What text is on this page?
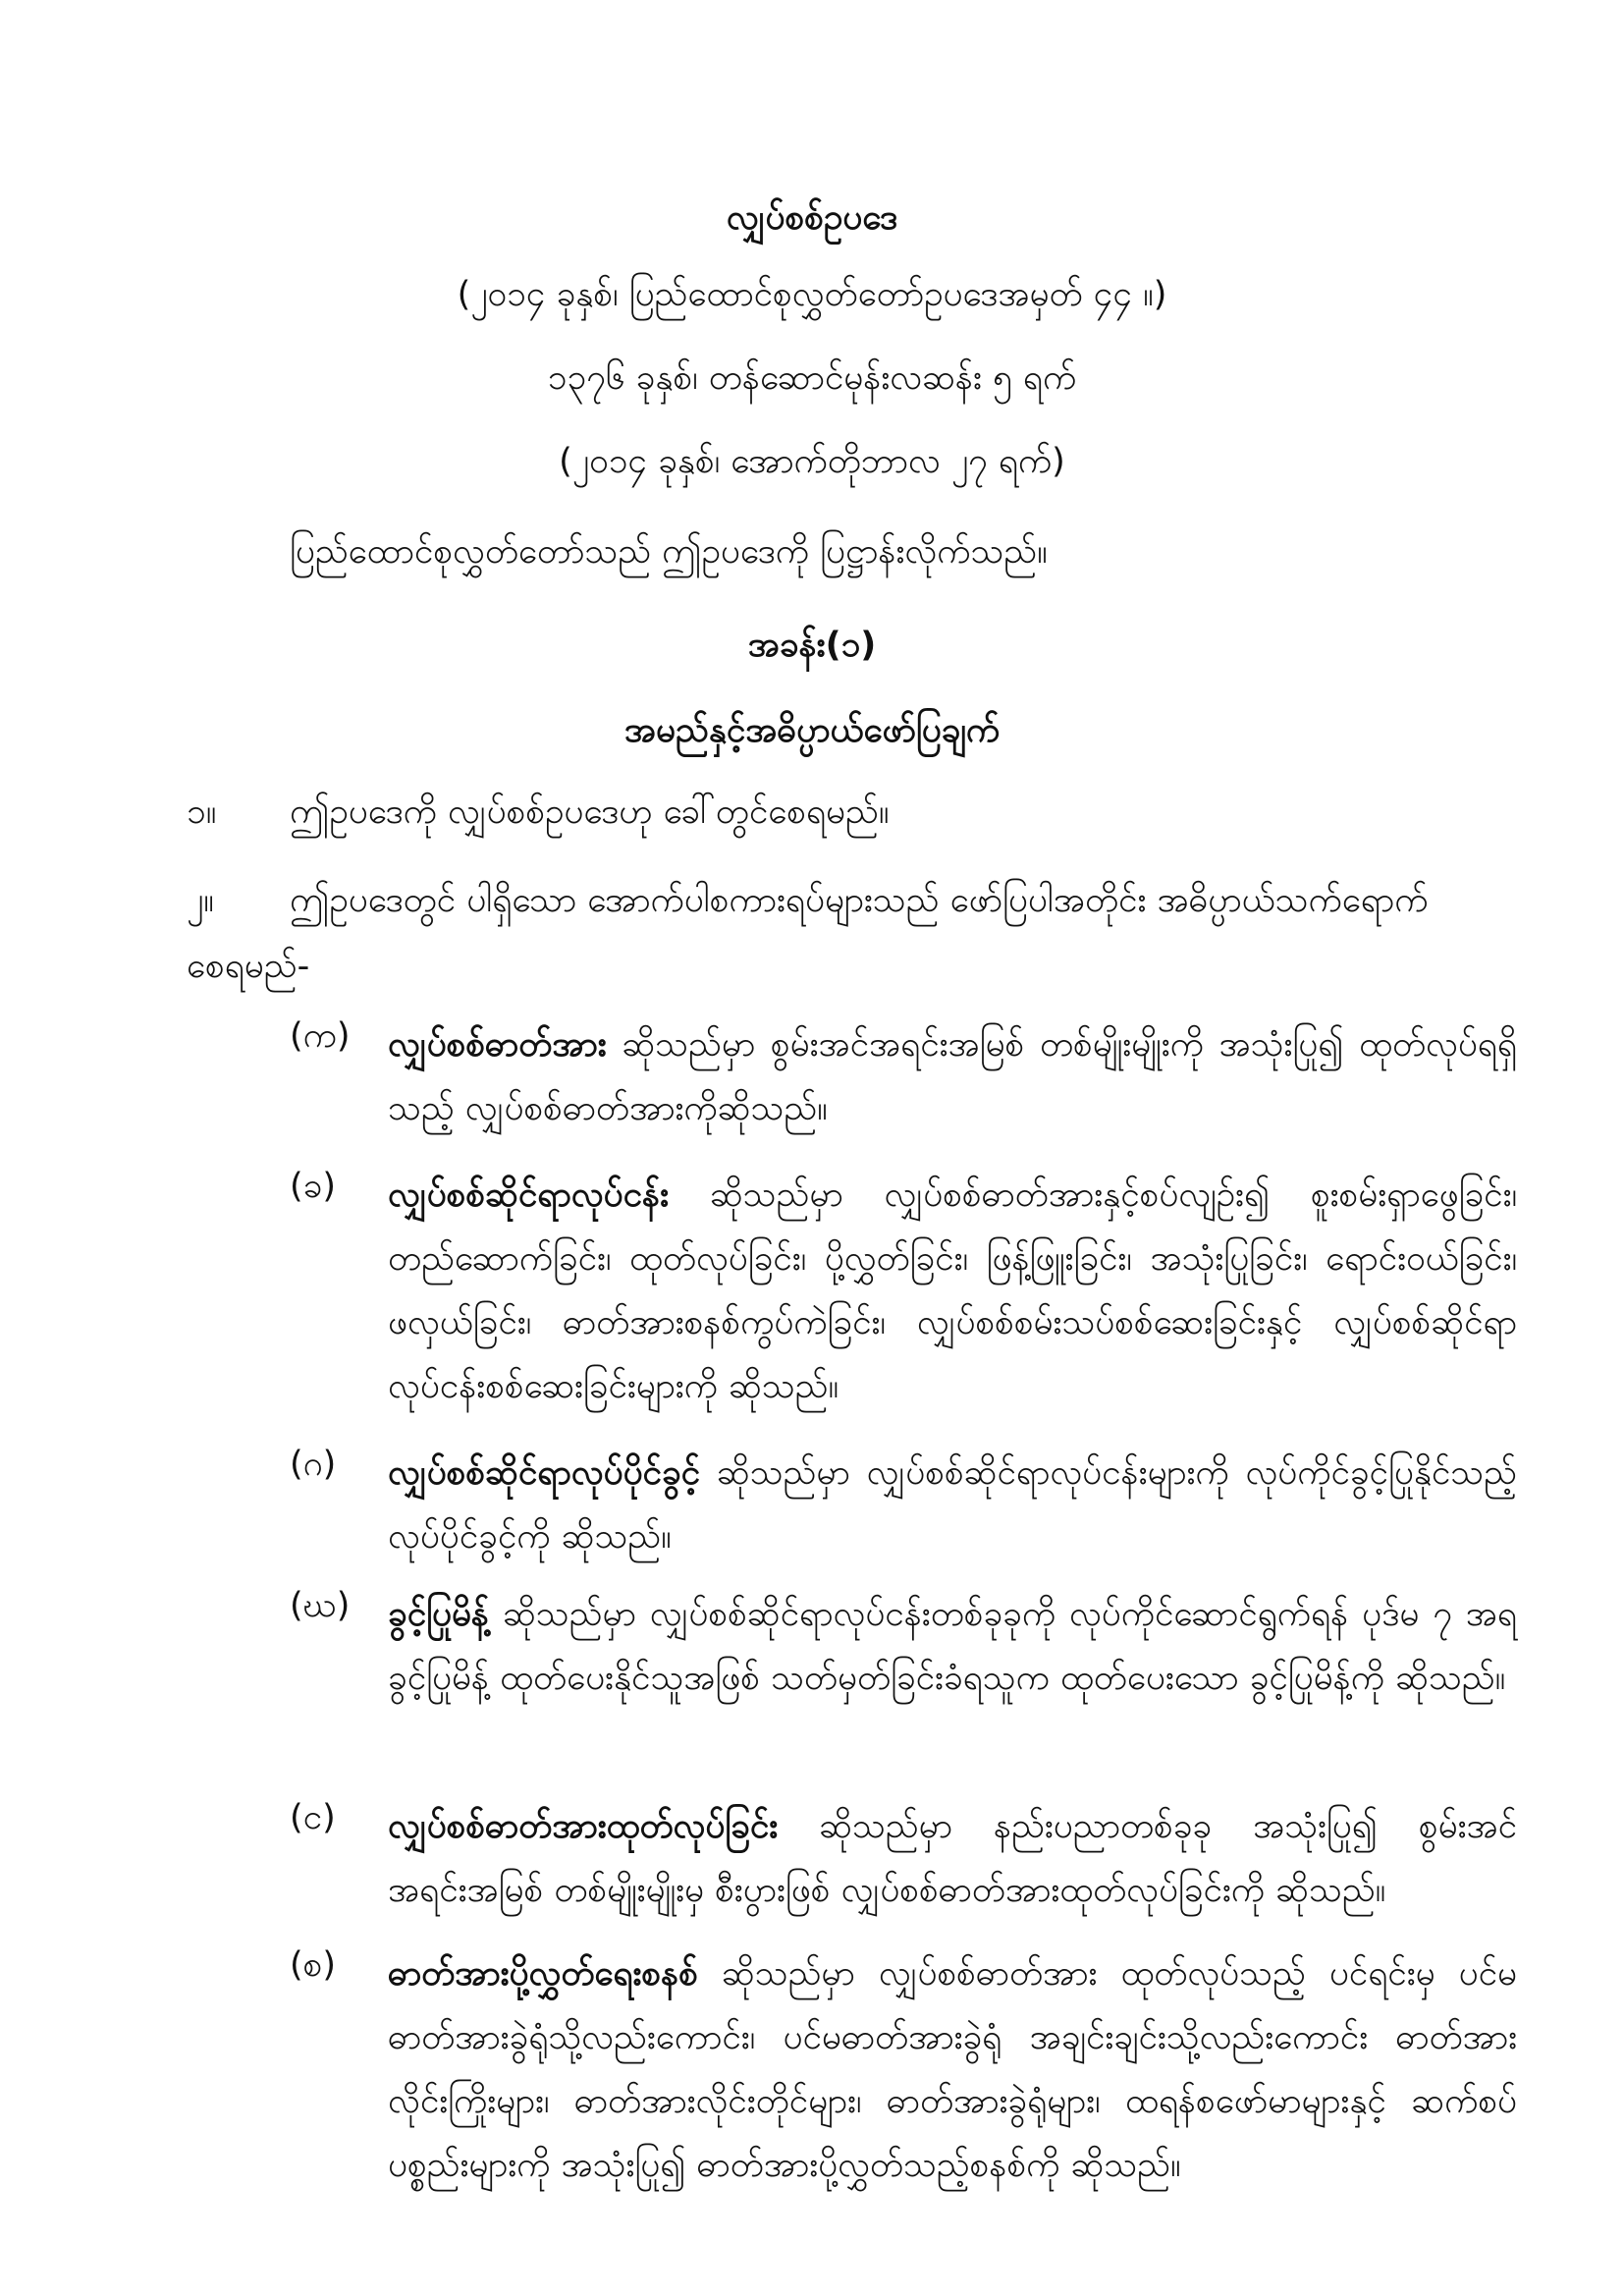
လျှပ်စစ်ဥပဒေ
(၂၀၁၄ ခုနှစ်၊ ပြည်ထောင်စုလွှတ်တော်ဥပဒေအမှတ် ၄၄ ။)
၁၃၇၆ ခုနှစ်၊ တန်ဆောင်မုန်းလဆန်း ၅ ရက်
(၂၀၁၄ ခုနှစ်၊ အောက်တိုဘာလ ၂၇ ရက်)
ပြည်ထောင်စုလွှတ်တော်သည် ဤဥပဒေကို ပြဋ္ဌာန်းလိုက်သည်။
အခန်း(၁)
အမည်နှင့်အဓိပ္ပာယ်ဖော်ပြချက်
၁။ ဤဥပဒေကို လျှပ်စစ်ဥပဒေဟု ခေါ်တွင်စေရမည်။
၂။ ဤဥပဒေတွင် ပါရှိသော အောက်ပါစကားရပ်များသည် ဖော်ပြပါအတိုင်း အဓိပ္ပာယ်သက်ရောက်
စေရမည်-
(က) လျှပ်စစ်ဓာတ်အား ဆိုသည်မှာ စွမ်းအင်အရင်းအမြစ် တစ်မျိုးမျိုးကို အသုံးပြု၍ ထုတ်လုပ်ရရှိသည့် လျှပ်စစ်ဓာတ်အားကိုဆိုသည်။
(ခ) လျှပ်စစ်ဆိုင်ရာလုပ်ငန်း ဆိုသည်မှာ လျှပ်စစ်ဓာတ်အားနှင့်စပ်လျဉ်း၍ စူးစမ်းရှာဖွေခြင်း၊ တည်ဆောက်ခြင်း၊ ထုတ်လုပ်ခြင်း၊ ပို့လွှတ်ခြင်း၊ ဖြန့်ဖြူးခြင်း၊ အသုံးပြုခြင်း၊ ရောင်းဝယ်ခြင်း၊ ဖလှယ်ခြင်း၊ ဓာတ်အားစနစ်ကွပ်ကဲခြင်း၊ လျှပ်စစ်စမ်းသပ်စစ်ဆေးခြင်းနှင့် လျှပ်စစ်ဆိုင်ရာလုပ်ငန်းစစ်ဆေးခြင်းများကို ဆိုသည်။
(ဂ) လျှပ်စစ်ဆိုင်ရာလုပ်ပိုင်ခွင့် ဆိုသည်မှာ လျှပ်စစ်ဆိုင်ရာလုပ်ငန်းများကို လုပ်ကိုင်ခွင့်ပြုနိုင်သည့် လုပ်ပိုင်ခွင့်ကို ဆိုသည်။
(ဃ) ခွင့်ပြုမိန့် ဆိုသည်မှာ လျှပ်စစ်ဆိုင်ရာလုပ်ငန်းတစ်ခုခုကို လုပ်ကိုင်ဆောင်ရွက်ရန် ပုဒ်မ ၇ အရ ခွင့်ပြုမိန့် ထုတ်ပေးနိုင်သူအဖြစ် သတ်မှတ်ခြင်းခံရသူက ထုတ်ပေးသော ခွင့်ပြုမိန့်ကို ဆိုသည်။
(င) လျှပ်စစ်ဓာတ်အားထုတ်လုပ်ခြင်း ဆိုသည်မှာ နည်းပညာတစ်ခုခု အသုံးပြု၍ စွမ်းအင်အရင်းအမြစ် တစ်မျိုးမျိုးမှ စီးပွားဖြစ် လျှပ်စစ်ဓာတ်အားထုတ်လုပ်ခြင်းကို ဆိုသည်။
(စ) ဓာတ်အားပို့လွှတ်ရေးစနစ် ဆိုသည်မှာ လျှပ်စစ်ဓာတ်အား ထုတ်လုပ်သည့် ပင်ရင်းမှ ပင်မဓာတ်အားခွဲရုံသို့လည်းကောင်း၊ ပင်မဓာတ်အားခွဲရုံ အချင်းချင်းသို့လည်းကောင်း ဓာတ်အားလိုင်းကြိုးများ၊ ဓာတ်အားလိုင်းတိုင်များ၊ ဓာတ်အားခွဲရုံများ၊ ထရန်စဖော်မာများနှင့် ဆက်စပ်ပစ္စည်းများကို အသုံးပြု၍ ဓာတ်အားပို့လွှတ်သည့်စနစ်ကို ဆိုသည်။
